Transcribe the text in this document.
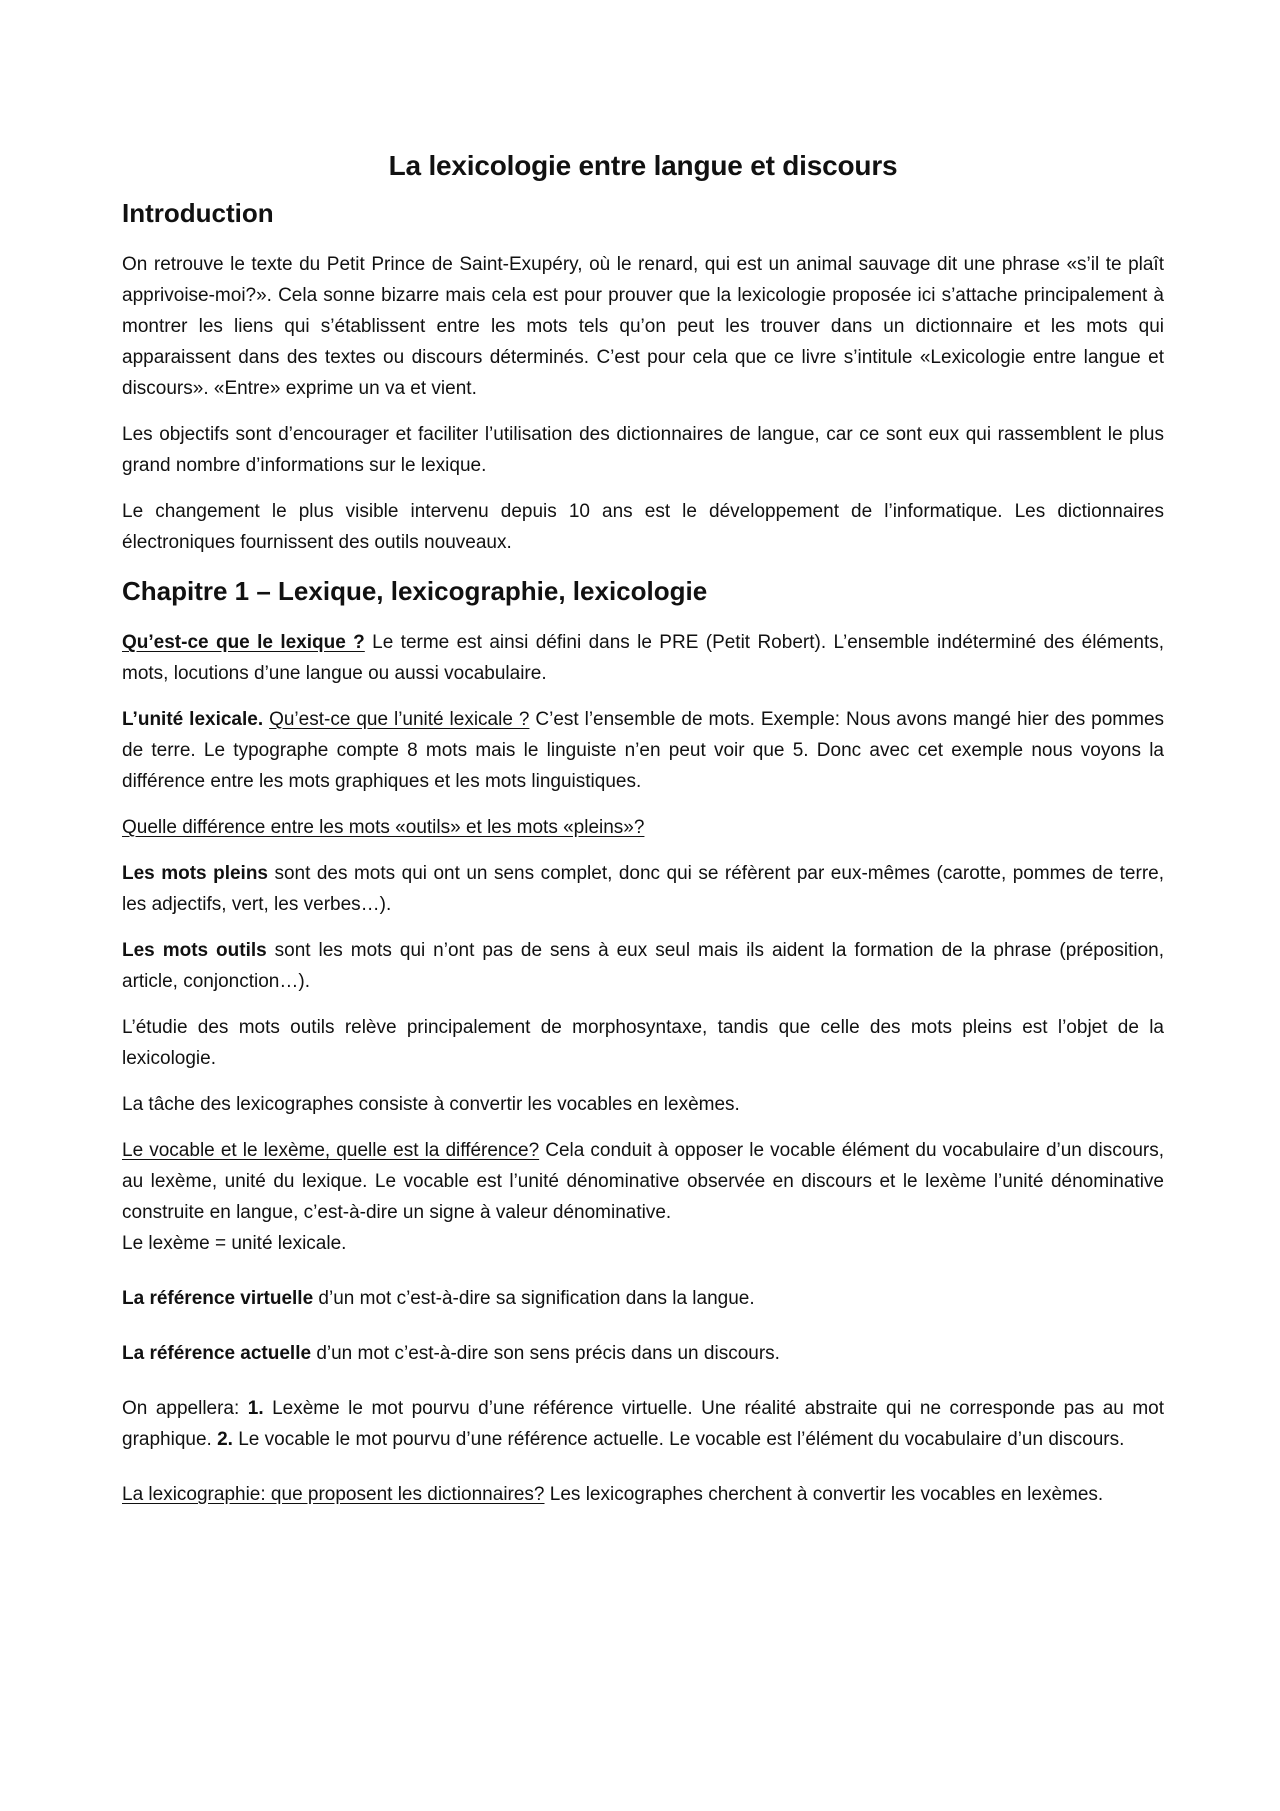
La lexicologie entre langue et discours
Introduction

On retrouve le texte du Petit Prince de Saint-Exupéry, où le renard, qui est un animal sauvage dit une phrase «s’il te plaît apprivoise-moi?». Cela sonne bizarre mais cela est pour prouver que la lexicologie proposée ici s’attache principalement à montrer les liens qui s’établissent entre les mots tels qu’on peut les trouver dans un dictionnaire et les mots qui apparaissent dans des textes ou discours déterminés. C’est pour cela que ce livre s’intitule «Lexicologie entre langue et discours». «Entre» exprime un va et vient.

Les objectifs sont d’encourager et faciliter l’utilisation des dictionnaires de langue, car ce sont eux qui rassemblent le plus grand nombre d’informations sur le lexique.

Le changement le plus visible intervenu depuis 10 ans est le développement de l’informatique. Les dictionnaires électroniques fournissent des outils nouveaux.

Chapitre 1 – Lexique, lexicographie, lexicologie

Qu’est-ce que le lexique ? Le terme est ainsi défini dans le PRE (Petit Robert). L’ensemble indéterminé des éléments, mots, locutions d’une langue ou aussi vocabulaire.

L’unité lexicale. Qu’est-ce que l’unité lexicale ? C’est l’ensemble de mots. Exemple: Nous avons mangé hier des pommes de terre. Le typographe compte 8 mots mais le linguiste n’en peut voir que 5. Donc avec cet exemple nous voyons la différence entre les mots graphiques et les mots linguistiques.

Quelle différence entre les mots «outils» et les mots «pleins»?

Les mots pleins sont des mots qui ont un sens complet, donc qui se réfèrent par eux-mêmes (carotte, pommes de terre, les adjectifs, vert, les verbes…).

Les mots outils sont les mots qui n’ont pas de sens à eux seul mais ils aident la formation de la phrase (préposition, article, conjonction…).

L’étudie des mots outils relève principalement de morphosyntaxe, tandis que celle des mots pleins est l’objet de la lexicologie.

La tâche des lexicographes consiste à convertir les vocables en lexèmes.

Le vocable et le lexème, quelle est la différence? Cela conduit à opposer le vocable élément du vocabulaire d’un discours, au lexème, unité du lexique. Le vocable est l’unité dénominative observée en discours et le lexème l’unité dénominative construite en langue, c’est-à-dire un signe à valeur dénominative.
Le lexème = unité lexicale.

La référence virtuelle d’un mot c’est-à-dire sa signification dans la langue.

La référence actuelle d’un mot c’est-à-dire son sens précis dans un discours.

On appellera: 1. Lexème le mot pourvu d’une référence virtuelle. Une réalité abstraite qui ne corresponde pas au mot graphique. 2. Le vocable le mot pourvu d’une référence actuelle. Le vocable est l’élément du vocabulaire d’un discours.

La lexicographie: que proposent les dictionnaires? Les lexicographes cherchent à convertir les vocables en lexèmes.
